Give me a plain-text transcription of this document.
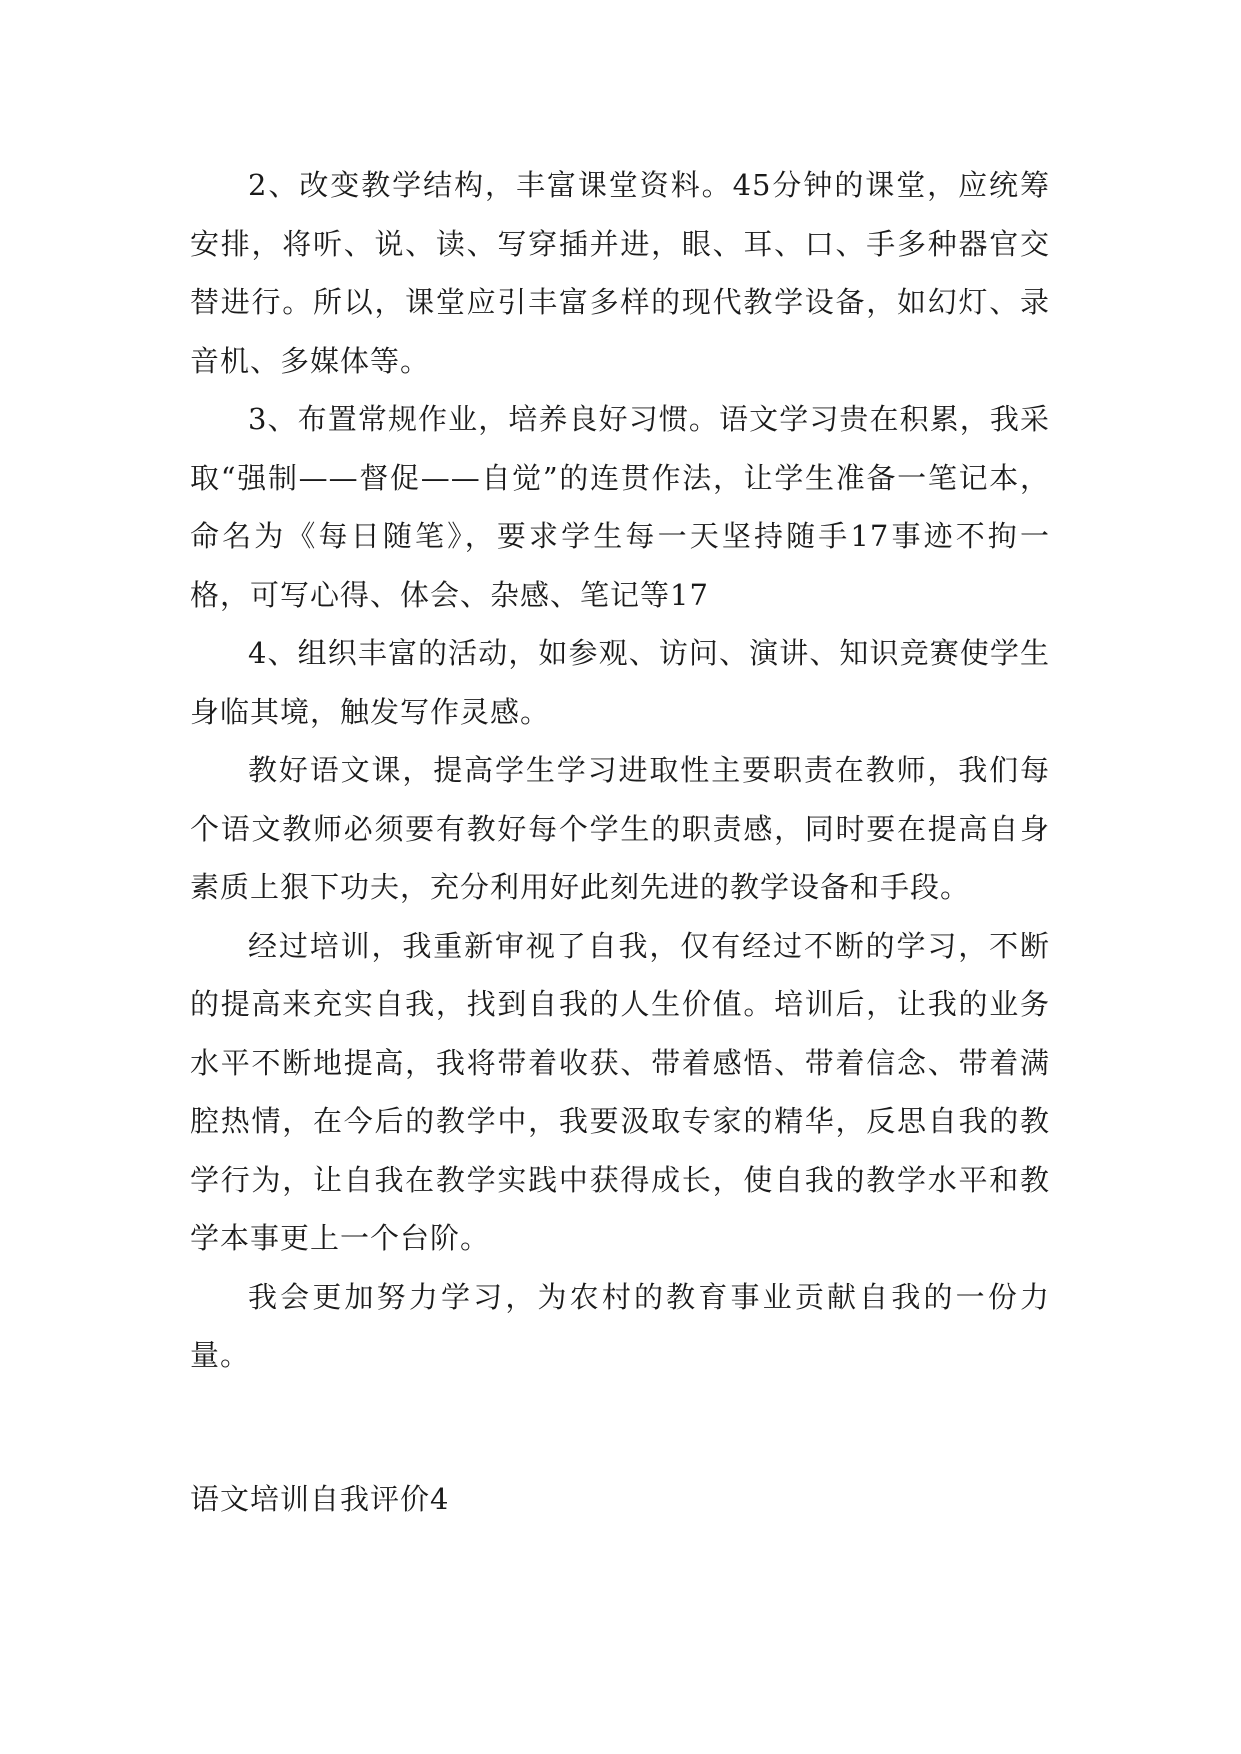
2、改变教学结构，丰富课堂资料。45分钟的课堂，应统筹安排，将听、说、读、写穿插并进，眼、耳、口、手多种器官交替进行。所以，课堂应引丰富多样的现代教学设备，如幻灯、录音机、多媒体等。

3、布置常规作业，培养良好习惯。语文学习贵在积累，我采取“强制——督促——自觉”的连贯作法，让学生准备一笔记本，命名为《每日随笔》，要求学生每一天坚持随手17事迹不拘一格，可写心得、体会、杂感、笔记等17

4、组织丰富的活动，如参观、访问、演讲、知识竞赛使学生身临其境，触发写作灵感。

教好语文课，提高学生学习进取性主要职责在教师，我们每个语文教师必须要有教好每个学生的职责感，同时要在提高自身素质上狠下功夫，充分利用好此刻先进的教学设备和手段。

经过培训，我重新审视了自我，仅有经过不断的学习，不断的提高来充实自我，找到自我的人生价值。培训后，让我的业务水平不断地提高，我将带着收获、带着感悟、带着信念、带着满腔热情，在今后的教学中，我要汲取专家的精华，反思自我的教学行为，让自我在教学实践中获得成长，使自我的教学水平和教学本事更上一个台阶。

我会更加努力学习，为农村的教育事业贡献自我的一份力量。

语文培训自我评价4
